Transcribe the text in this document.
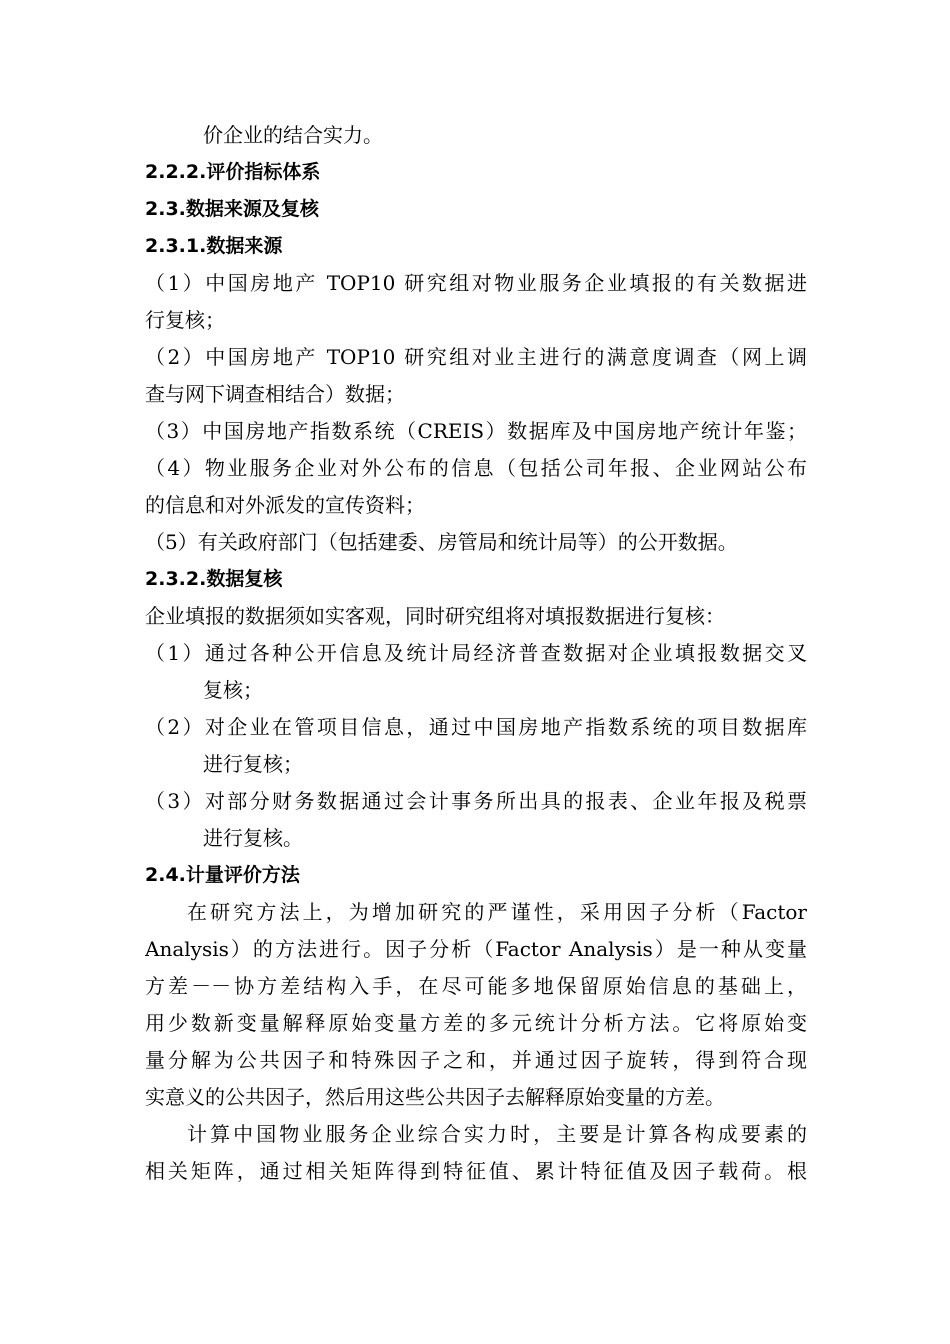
价企业的结合实力。
2.2.2.评价指标体系
2.3.数据来源及复核
2.3.1.数据来源
（1）中国房地产 TOP10 研究组对物业服务企业填报的有关数据进
行复核；
（2）中国房地产 TOP10 研究组对业主进行的满意度调查（网上调
查与网下调查相结合）数据；
（3）中国房地产指数系统（CREIS）数据库及中国房地产统计年鉴；
（4）物业服务企业对外公布的信息（包括公司年报、企业网站公布
的信息和对外派发的宣传资料；
（5）有关政府部门（包括建委、房管局和统计局等）的公开数据。
2.3.2.数据复核
企业填报的数据须如实客观，同时研究组将对填报数据进行复核：
（1）通过各种公开信息及统计局经济普查数据对企业填报数据交叉
复核；
（2）对企业在管项目信息，通过中国房地产指数系统的项目数据库
进行复核；
（3）对部分财务数据通过会计事务所出具的报表、企业年报及税票
进行复核。
2.4.计量评价方法
在研究方法上，为增加研究的严谨性，采用因子分析（Factor
Analysis）的方法进行。因子分析（Factor Analysis）是一种从变量
方差－－协方差结构入手，在尽可能多地保留原始信息的基础上，
用少数新变量解释原始变量方差的多元统计分析方法。它将原始变
量分解为公共因子和特殊因子之和，并通过因子旋转，得到符合现
实意义的公共因子，然后用这些公共因子去解释原始变量的方差。
计算中国物业服务企业综合实力时，主要是计算各构成要素的
相关矩阵，通过相关矩阵得到特征值、累计特征值及因子载荷。根
